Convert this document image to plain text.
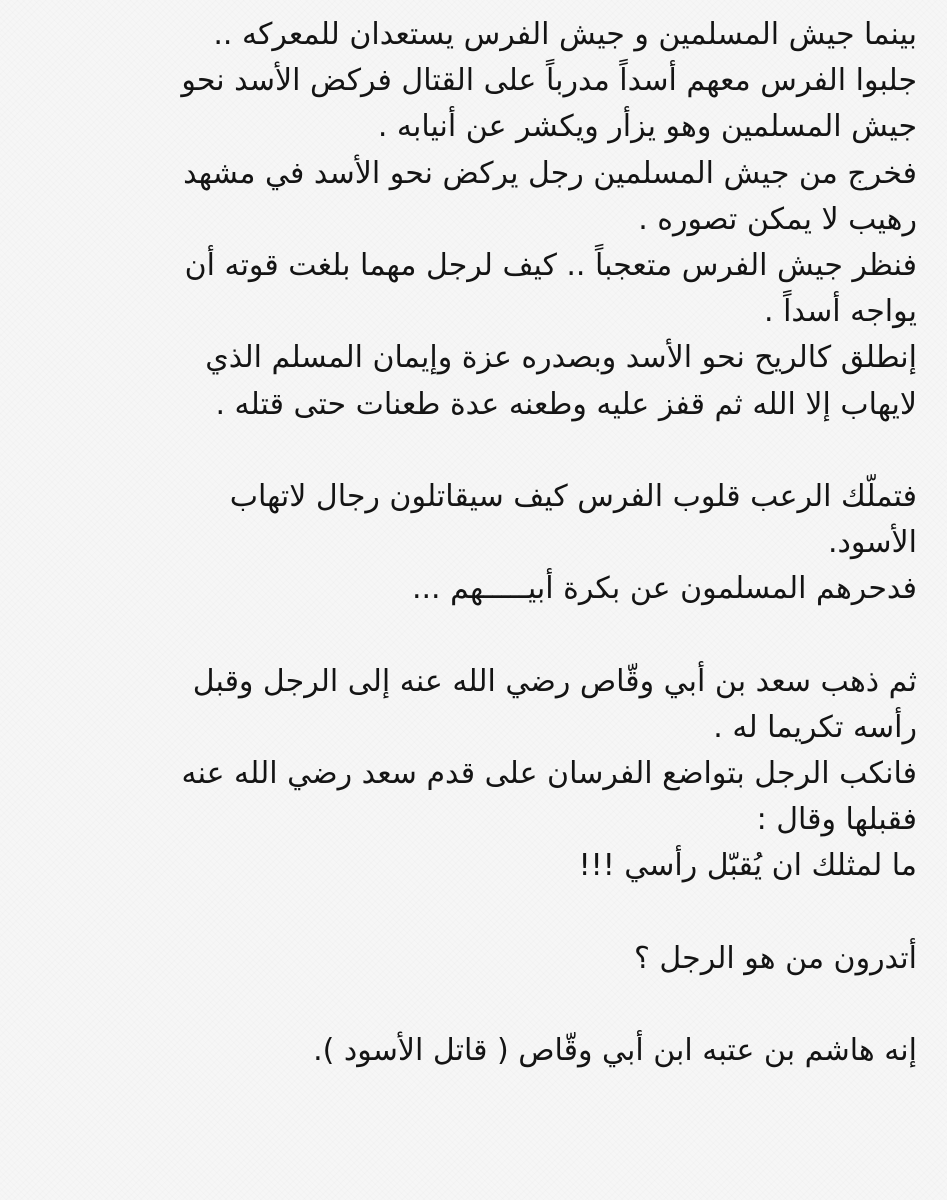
بينما جيش المسلمين و جيش الفرس يستعدان للمعركه ..
جلبوا الفرس معهم أسداً مدرباً على القتال فركض الأسد نحو
جيش المسلمين وهو يزأر ويكشر عن أنيابه .
فخرج من جيش المسلمين رجل يركض نحو الأسد في مشهد
رهيب لا يمكن تصوره .
فنظر جيش الفرس متعجباً .. كيف لرجل مهما بلغت قوته أن
يواجه أسداً .
إنطلق كالريح نحو الأسد وبصدره عزة وإيمان المسلم الذي
لايهاب إلا الله ثم قفز عليه وطعنه عدة طعنات حتى قتله .
فتملّك الرعب قلوب الفرس كيف سيقاتلون رجال لاتهاب
الأسود.
فدحرهم المسلمون عن بكرة أبيـــــهم ...
ثم ذهب سعد بن أبي وقّاص رضي الله عنه إلى الرجل وقبل
رأسه تكريما له .
فانكب الرجل بتواضع الفرسان على قدم سعد رضي الله عنه
فقبلها وقال :
ما لمثلك ان يُقبّل رأسي !!!
أتدرون من هو الرجل ؟
إنه هاشم بن عتبه ابن أبي وقّاص ( قاتل الأسود ).
